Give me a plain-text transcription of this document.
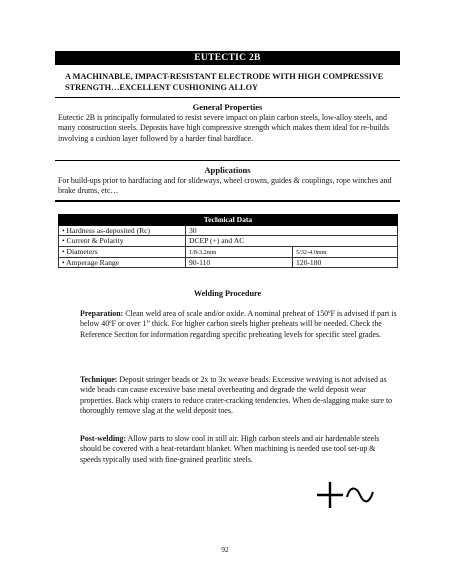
EUTECTIC 2B
A MACHINABLE, IMPACT-RESISTANT ELECTRODE WITH HIGH COMPRESSIVE STRENGTH…EXCELLENT CUSHIONING ALLOY
General Properties
Eutectic 2B is principally formulated to resist severe impact on plain carbon steels, low-alloy steels, and many construction steels. Deposits have high compressive strength which makes them ideal for re-builds involving a cushion layer followed by a harder final hardface.
Applications
For build-ups prior to hardfacing and for slideways, wheel crowns, guides & couplings, rope winches and brake drums, etc…
Technical Data		
• Hardness as-deposited (Rc)	30	
• Current & Polarity	DCEP (+) and AC	
• Diameters	1/8-3.2mm	5/32-4.0mm
• Amperage Range	90-110	120-180
Welding Procedure
Preparation: Clean weld area of scale and/or oxide. A nominal preheat of 150ºF is advised if part is below 40ºF or over 1” thick. For higher carbon steels higher preheats will be needed. Check the Reference Section for information regarding specific preheating levels for specific steel grades.
Technique: Deposit stringer beads or 2x to 3x weave beads. Excessive weaving is not advised as wide beads can cause excessive base metal overheating and degrade the weld deposit wear properties. Back whip craters to reduce crater-cracking tendencies. When de-slagging make sure to thoroughly remove slag at the weld deposit toes.
Post-welding: Allow parts to slow cool in still air. High carbon steels and air hardenable steels should be covered with a heat-retardant blanket. When machining is needed use tool set-up & speeds typically used with fine-grained pearlitic steels.
92
